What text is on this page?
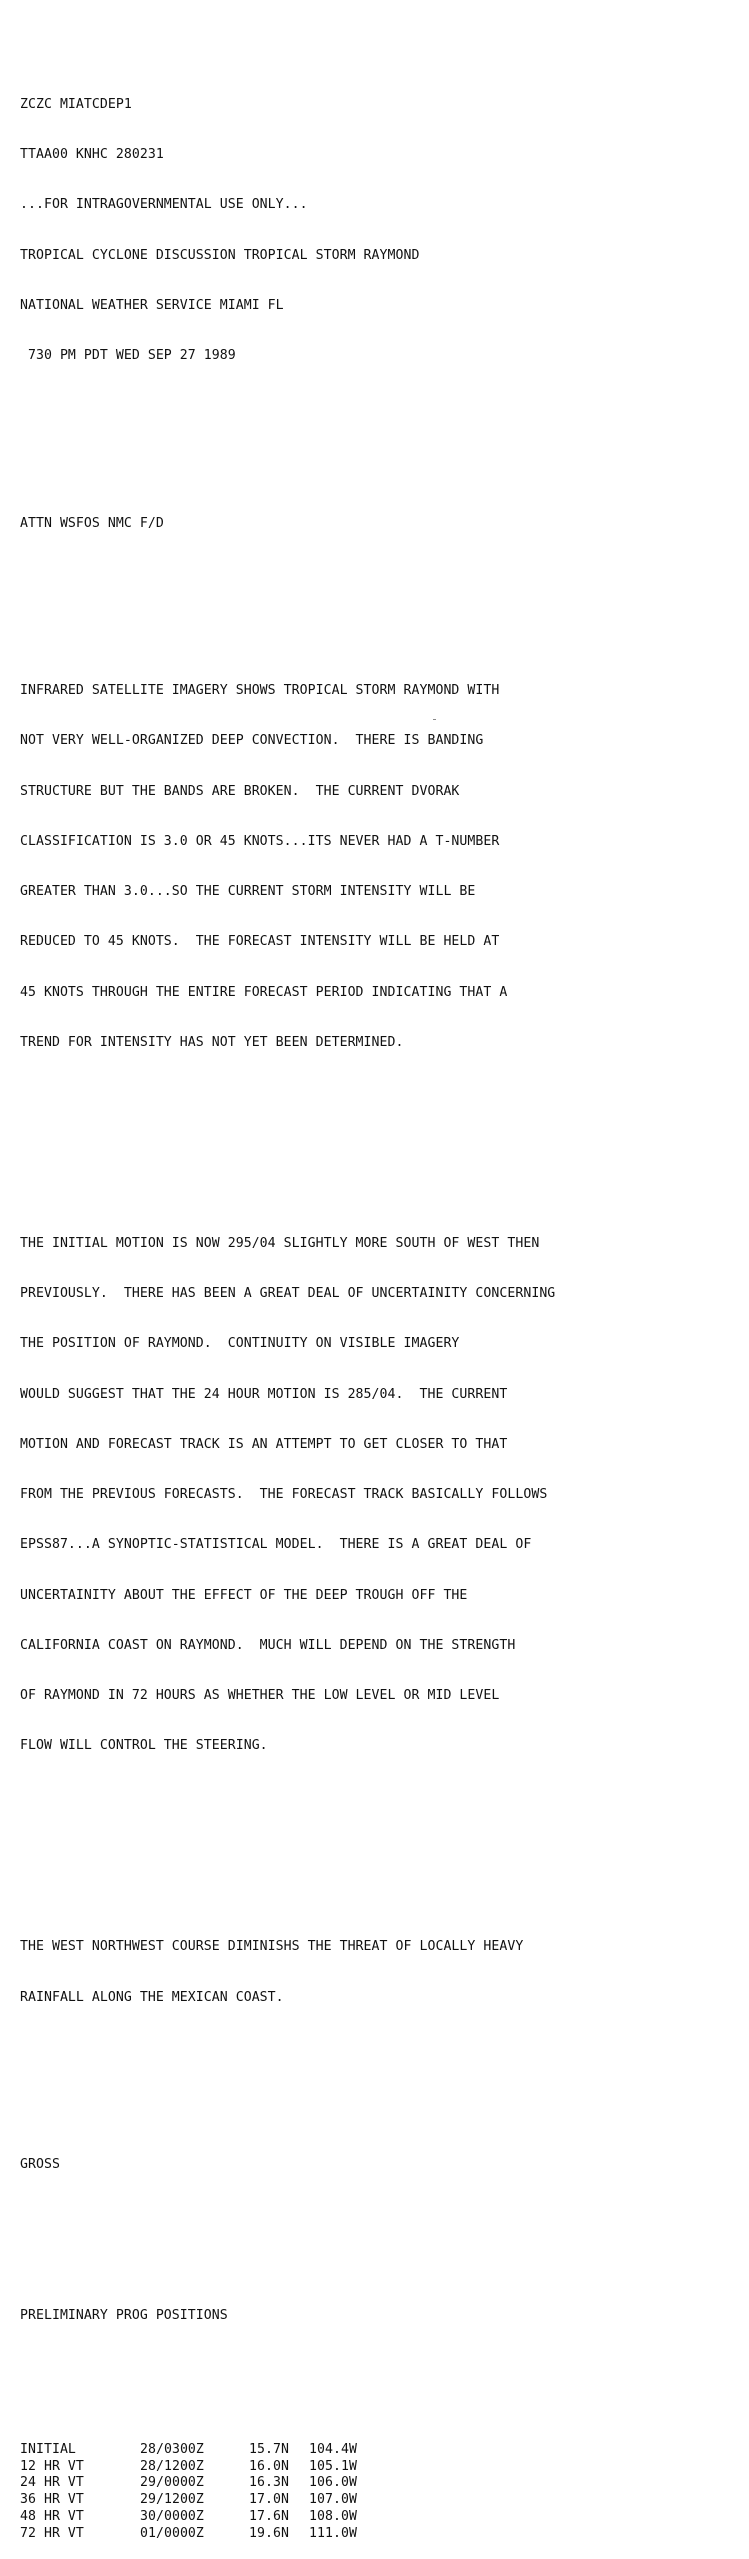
ZCZC MIATCDEP1

TTAA00 KNHC 280231

...FOR INTRAGOVERNMENTAL USE ONLY...

TROPICAL CYCLONE DISCUSSION TROPICAL STORM RAYMOND

NATIONAL WEATHER SERVICE MIAMI FL

730 PM PDT WED SEP 27 1989

ATTN WSFOS NMC F/D

INFRARED SATELLITE IMAGERY SHOWS TROPICAL STORM RAYMOND WITH

NOT VERY WELL-ORGANIZED DEEP CONVECTION.  THERE IS BANDING

STRUCTURE BUT THE BANDS ARE BROKEN.  THE CURRENT DVORAK

CLASSIFICATION IS 3.0 OR 45 KNOTS...ITS NEVER HAD A T-NUMBER

GREATER THAN 3.0...SO THE CURRENT STORM INTENSITY WILL BE

REDUCED TO 45 KNOTS.  THE FORECAST INTENSITY WILL BE HELD AT

45 KNOTS THROUGH THE ENTIRE FORECAST PERIOD INDICATING THAT A

TREND FOR INTENSITY HAS NOT YET BEEN DETERMINED.

THE INITIAL MOTION IS NOW 295/04 SLIGHTLY MORE SOUTH OF WEST THEN

PREVIOUSLY.  THERE HAS BEEN A GREAT DEAL OF UNCERTAINITY CONCERNING

THE POSITION OF RAYMOND.  CONTINUITY ON VISIBLE IMAGERY

WOULD SUGGEST THAT THE 24 HOUR MOTION IS 285/04.  THE CURRENT

MOTION AND FORECAST TRACK IS AN ATTEMPT TO GET CLOSER TO THAT

FROM THE PREVIOUS FORECASTS.  THE FORECAST TRACK BASICALLY FOLLOWS

EPSS87...A SYNOPTIC-STATISTICAL MODEL.  THERE IS A GREAT DEAL OF

UNCERTAINITY ABOUT THE EFFECT OF THE DEEP TROUGH OFF THE

CALIFORNIA COAST ON RAYMOND.  MUCH WILL DEPEND ON THE STRENGTH

OF RAYMOND IN 72 HOURS AS WHETHER THE LOW LEVEL OR MID LEVEL

FLOW WILL CONTROL THE STEERING.

THE WEST NORTHWEST COURSE DIMINISHS THE THREAT OF LOCALLY HEAVY

RAINFALL ALONG THE MEXICAN COAST.

GROSS

PRELIMINARY PROG POSITIONS

INITIAL	28/0300Z	15.7N	104.4W
12 HR VT	28/1200Z	16.0N	105.1W
24 HR VT	29/0000Z	16.3N	106.0W
36 HR VT	29/1200Z	17.0N	107.0W
48 HR VT	30/0000Z	17.6N	108.0W
72 HR VT	01/0000Z	19.6N	111.0W
